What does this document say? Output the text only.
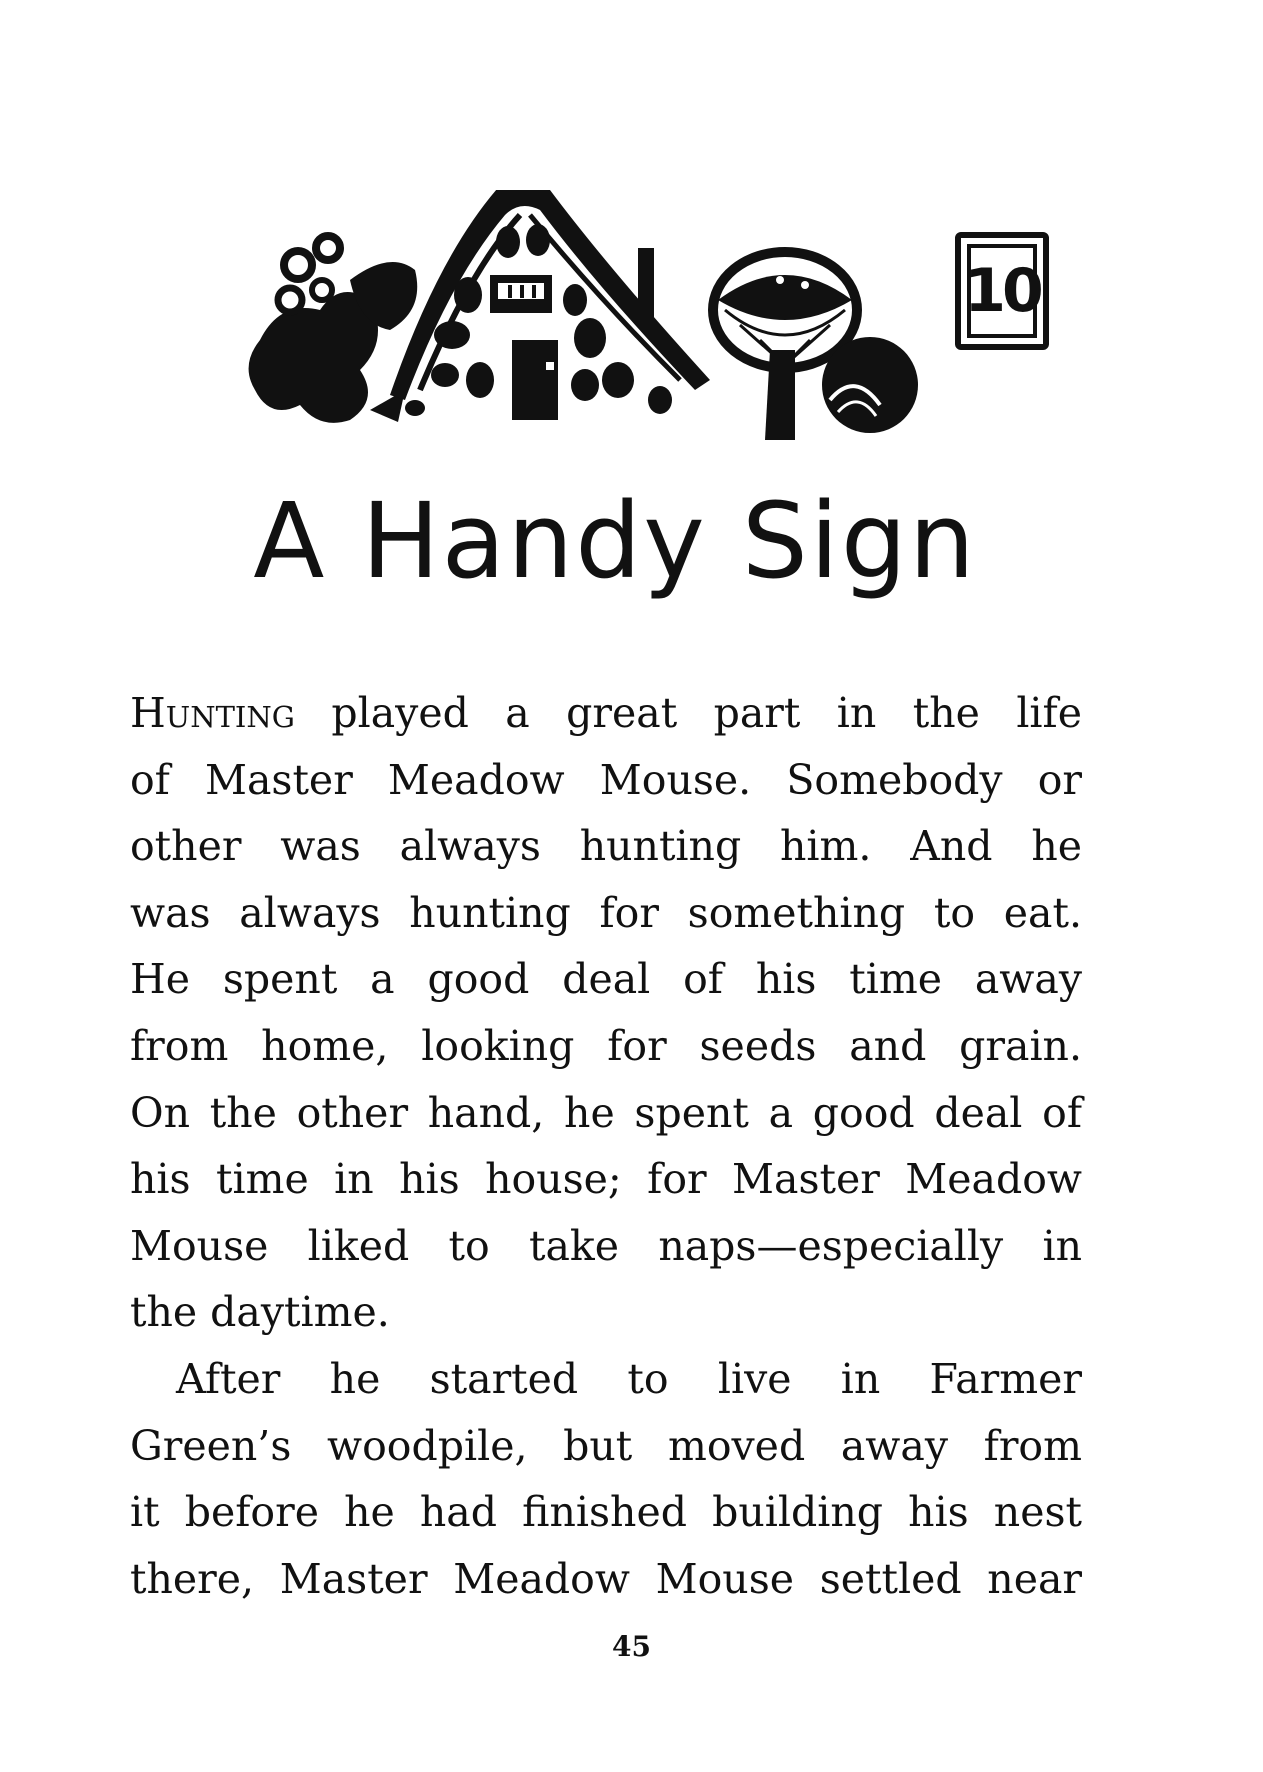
10
A Handy Sign

Hunting played a great part in the life
of Master Meadow Mouse. Somebody or
other was always hunting him. And he
was always hunting for something to eat.
He spent a good deal of his time away
from home, looking for seeds and grain.
On the other hand, he spent a good deal of
his time in his house; for Master Meadow
Mouse liked to take naps—especially in
the daytime.

After he started to live in Farmer
Green’s woodpile, but moved away from
it before he had finished building his nest
there, Master Meadow Mouse settled near

45
